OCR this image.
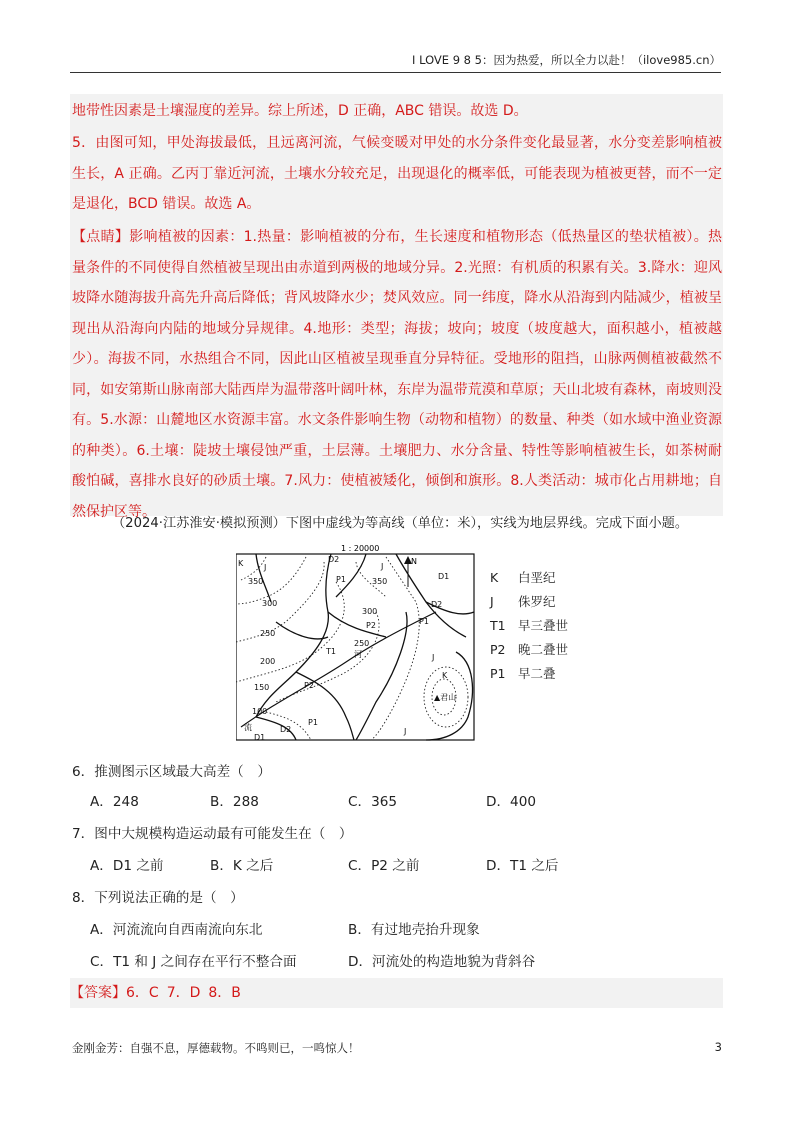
I LOVE 9 8 5：因为热爱，所以全力以赴！（ilove985.cn）

地带性因素是土壤湿度的差异。综上所述，D 正确，ABC 错误。故选 D。

5．由图可知，甲处海拔最低，且远离河流，气候变暖对甲处的水分条件变化最显著，水分变差影响植被生长，A 正确。乙丙丁靠近河流，土壤水分较充足，出现退化的概率低，可能表现为植被更替，而不一定是退化，BCD 错误。故选 A。

【点睛】影响植被的因素：1.热量：影响植被的分布，生长速度和植物形态（低热量区的垫状植被）。热量条件的不同使得自然植被呈现出由赤道到两极的地域分异。2.光照：有机质的积累有关。3.降水：迎风坡降水随海拔升高先升高后降低；背风坡降水少；焚风效应。同一纬度，降水从沿海到内陆减少，植被呈现出从沿海向内陆的地域分异规律。4.地形：类型；海拔；坡向；坡度（坡度越大，面积越小，植被越少）。海拔不同，水热组合不同，因此山区植被呈现垂直分异特征。受地形的阻挡，山脉两侧植被截然不同，如安第斯山脉南部大陆西岸为温带落叶阔叶林，东岸为温带荒漠和草原；天山北坡有森林，南坡则没有。5.水源：山麓地区水资源丰富。水文条件影响生物（动物和植物）的数量、种类（如水域中渔业资源的种类）。6.土壤：陡坡土壤侵蚀严重，土层薄。土壤肥力、水分含量、特性等影响植被生长，如茶树耐酸怕碱，喜排水良好的砂质土壤。7.风力：使植被矮化，倾倒和旗形。8.人类活动：城市化占用耕地；自然保护区等。

（2024·江苏淮安·模拟预测）下图中虚线为等高线（单位：米），实线为地层界线。完成下面小题。
1 : 20000
N
K	J
D2
P1
J
D1
D2
P1
P2
T1
J
K
P2
P1
D2
D1
J
流
河
▲君山
350	350
300
300
250
250
200
150
100
K 白垩纪
J 侏罗纪
T1 早三叠世
P2 晚二叠世
P1 早二叠
6．推测图示区域最大高差（　）
A．248	B．288	C．365	D．400
7．图中大规模构造运动最有可能发生在（　）
A．D1 之前	B．K 之后	C．P2 之前	D．T1 之后
8．下列说法正确的是（　）
A．河流流向自西南流向东北	B．有过地壳抬升现象
C．T1 和 J 之间存在平行不整合面	D．河流处的构造地貌为背斜谷
【答案】6．C 7．D 8．B
金刚金芳：自强不息，厚德载物。不鸣则已，一鸣惊人！	3
